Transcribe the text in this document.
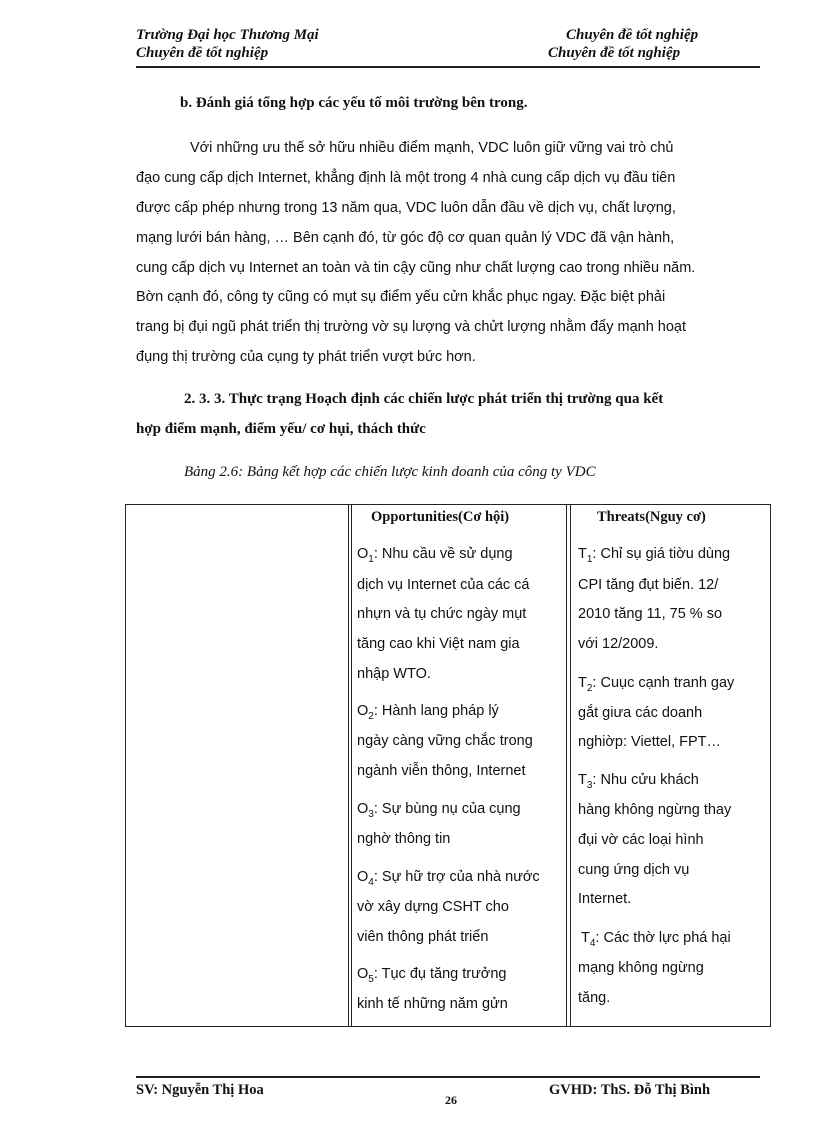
Trường Đại học Thương Mại
Chuyên đề tốt nghiệp
Chuyên đề tốt nghiệp
Chuyên đề tốt nghiệp
b. Đánh giá tổng hợp các yếu tố môi trường bên trong.
Với những ưu thế sở hữu nhiều điểm mạnh, VDC luôn giữ vững vai trò chủ
đạo cung cấp dịch Internet, khẳng định là một trong 4 nhà cung cấp dịch vụ đầu tiên
được cấp phép nhưng trong 13 năm qua, VDC luôn dẫn đầu về dịch vụ, chất lượng,
mạng lưới bán hàng, … Bên cạnh đó, từ góc độ cơ quan quản lý VDC đã vận hành,
cung cấp dịch vụ Internet an toàn và tin cậy cũng như chất lượng cao trong nhiều năm.
Bờn cạnh đó, công ty cũng có mụt sụ điểm yếu cửn khắc phục ngay. Đặc biệt phải
trang bị đụi ngũ phát triển thị trường vờ sụ lượng và chửt lượng nhằm đẩy mạnh hoạt
đụng thị trường của cụng ty phát triển vượt bức hơn.
2. 3. 3. Thực trạng Hoạch định các chiến lược phát triển thị trường qua kết
hợp điểm mạnh, điểm yếu/ cơ hụi, thách thức
Bảng 2.6: Bảng kết hợp các chiến lược kinh doanh của công ty VDC
Opportunities(Cơ hội)	Threats(Nguy cơ)
$O_1$: Nhu cầu về sử dụng
dịch vụ Internet của các cá
nhựn và tụ chức ngày mụt
tăng cao khi Việt nam gia
nhập WTO.
$O_2$: Hành lang pháp lý
ngày càng vững chắc trong
ngành viễn thông, Internet
$O_3$: Sự bùng nụ của cụng
nghờ thông tin
$O_4$: Sự hữ trợ của nhà nước
vờ xây dựng CSHT cho
viên thông phát triển
$O_5$: Tục đụ tăng trưởng
kinh tế những năm gửn
$T_1$: Chỉ sụ giá tiờu dùng
CPI tăng đụt biến. 12/
2010 tăng 11, 75 % so
với 12/2009.
$T_2$: Cuục cạnh tranh gay
gắt giưa các doanh
nghiờp: Viettel, FPT…
$T_3$: Nhu cửu khách
hàng không ngừng thay
đụi vờ các loại hình
cung ứng dịch vụ
Internet.
$T_4$: Các thờ lực phá hại
mạng không ngừng
tăng.
SV: Nguyễn Thị Hoa
26
GVHD: ThS. Đỗ Thị Bình
